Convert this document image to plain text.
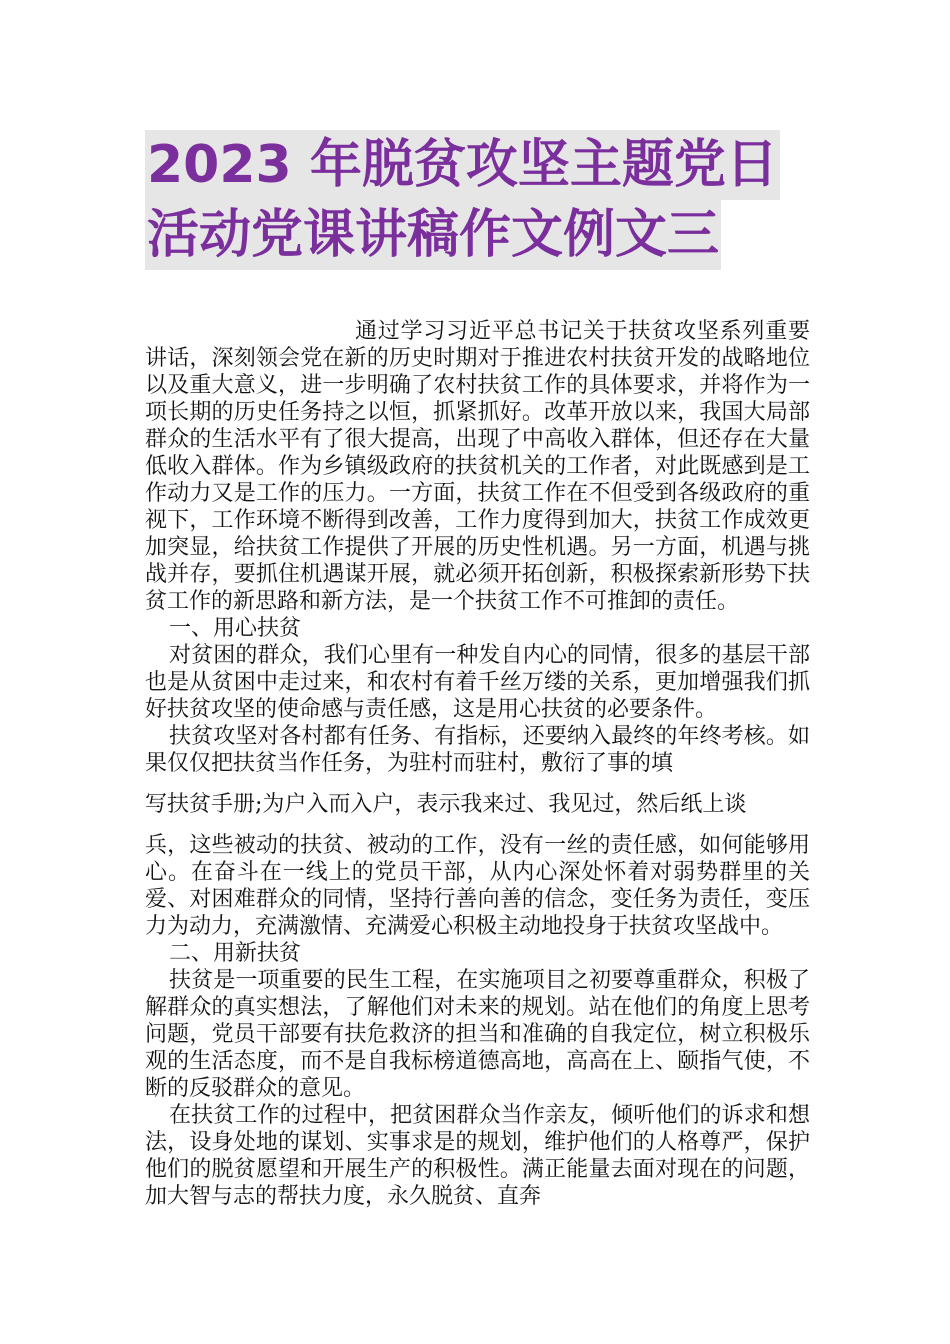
2023 年脱贫攻坚主题党日
活动党课讲稿作文例文三

通过学习习近平总书记关于扶贫攻坚系列重要讲话，深刻领会党在新的历史时期对于推进农村扶贫开发的战略地位以及重大意义，进一步明确了农村扶贫工作的具体要求，并将作为一项长期的历史任务持之以恒，抓紧抓好。改革开放以来，我国大局部群众的生活水平有了很大提高，出现了中高收入群体，但还存在大量低收入群体。作为乡镇级政府的扶贫机关的工作者，对此既感到是工作动力又是工作的压力。一方面，扶贫工作在不但受到各级政府的重视下，工作环境不断得到改善，工作力度得到加大，扶贫工作成效更加突显，给扶贫工作提供了开展的历史性机遇。另一方面，机遇与挑战并存，要抓住机遇谋开展，就必须开拓创新，积极探索新形势下扶贫工作的新思路和新方法，是一个扶贫工作不可推卸的责任。

一、用心扶贫

对贫困的群众，我们心里有一种发自内心的同情，很多的基层干部也是从贫困中走过来，和农村有着千丝万缕的关系，更加增强我们抓好扶贫攻坚的使命感与责任感，这是用心扶贫的必要条件。

扶贫攻坚对各村都有任务、有指标，还要纳入最终的年终考核。如果仅仅把扶贫当作任务，为驻村而驻村，敷衍了事的填

写扶贫手册;为户入而入户，表示我来过、我见过，然后纸上谈

兵，这些被动的扶贫、被动的工作，没有一丝的责任感，如何能够用心。在奋斗在一线上的党员干部，从内心深处怀着对弱势群里的关爱、对困难群众的同情，坚持行善向善的信念，变任务为责任，变压力为动力，充满激情、充满爱心积极主动地投身于扶贫攻坚战中。

二、用新扶贫

扶贫是一项重要的民生工程，在实施项目之初要尊重群众，积极了解群众的真实想法，了解他们对未来的规划。站在他们的角度上思考问题，党员干部要有扶危救济的担当和准确的自我定位，树立积极乐观的生活态度，而不是自我标榜道德高地，高高在上、颐指气使，不断的反驳群众的意见。

在扶贫工作的过程中，把贫困群众当作亲友，倾听他们的诉求和想法，设身处地的谋划、实事求是的规划，维护他们的人格尊严，保护他们的脱贫愿望和开展生产的积极性。满正能量去面对现在的问题，加大智与志的帮扶力度，永久脱贫、直奔
